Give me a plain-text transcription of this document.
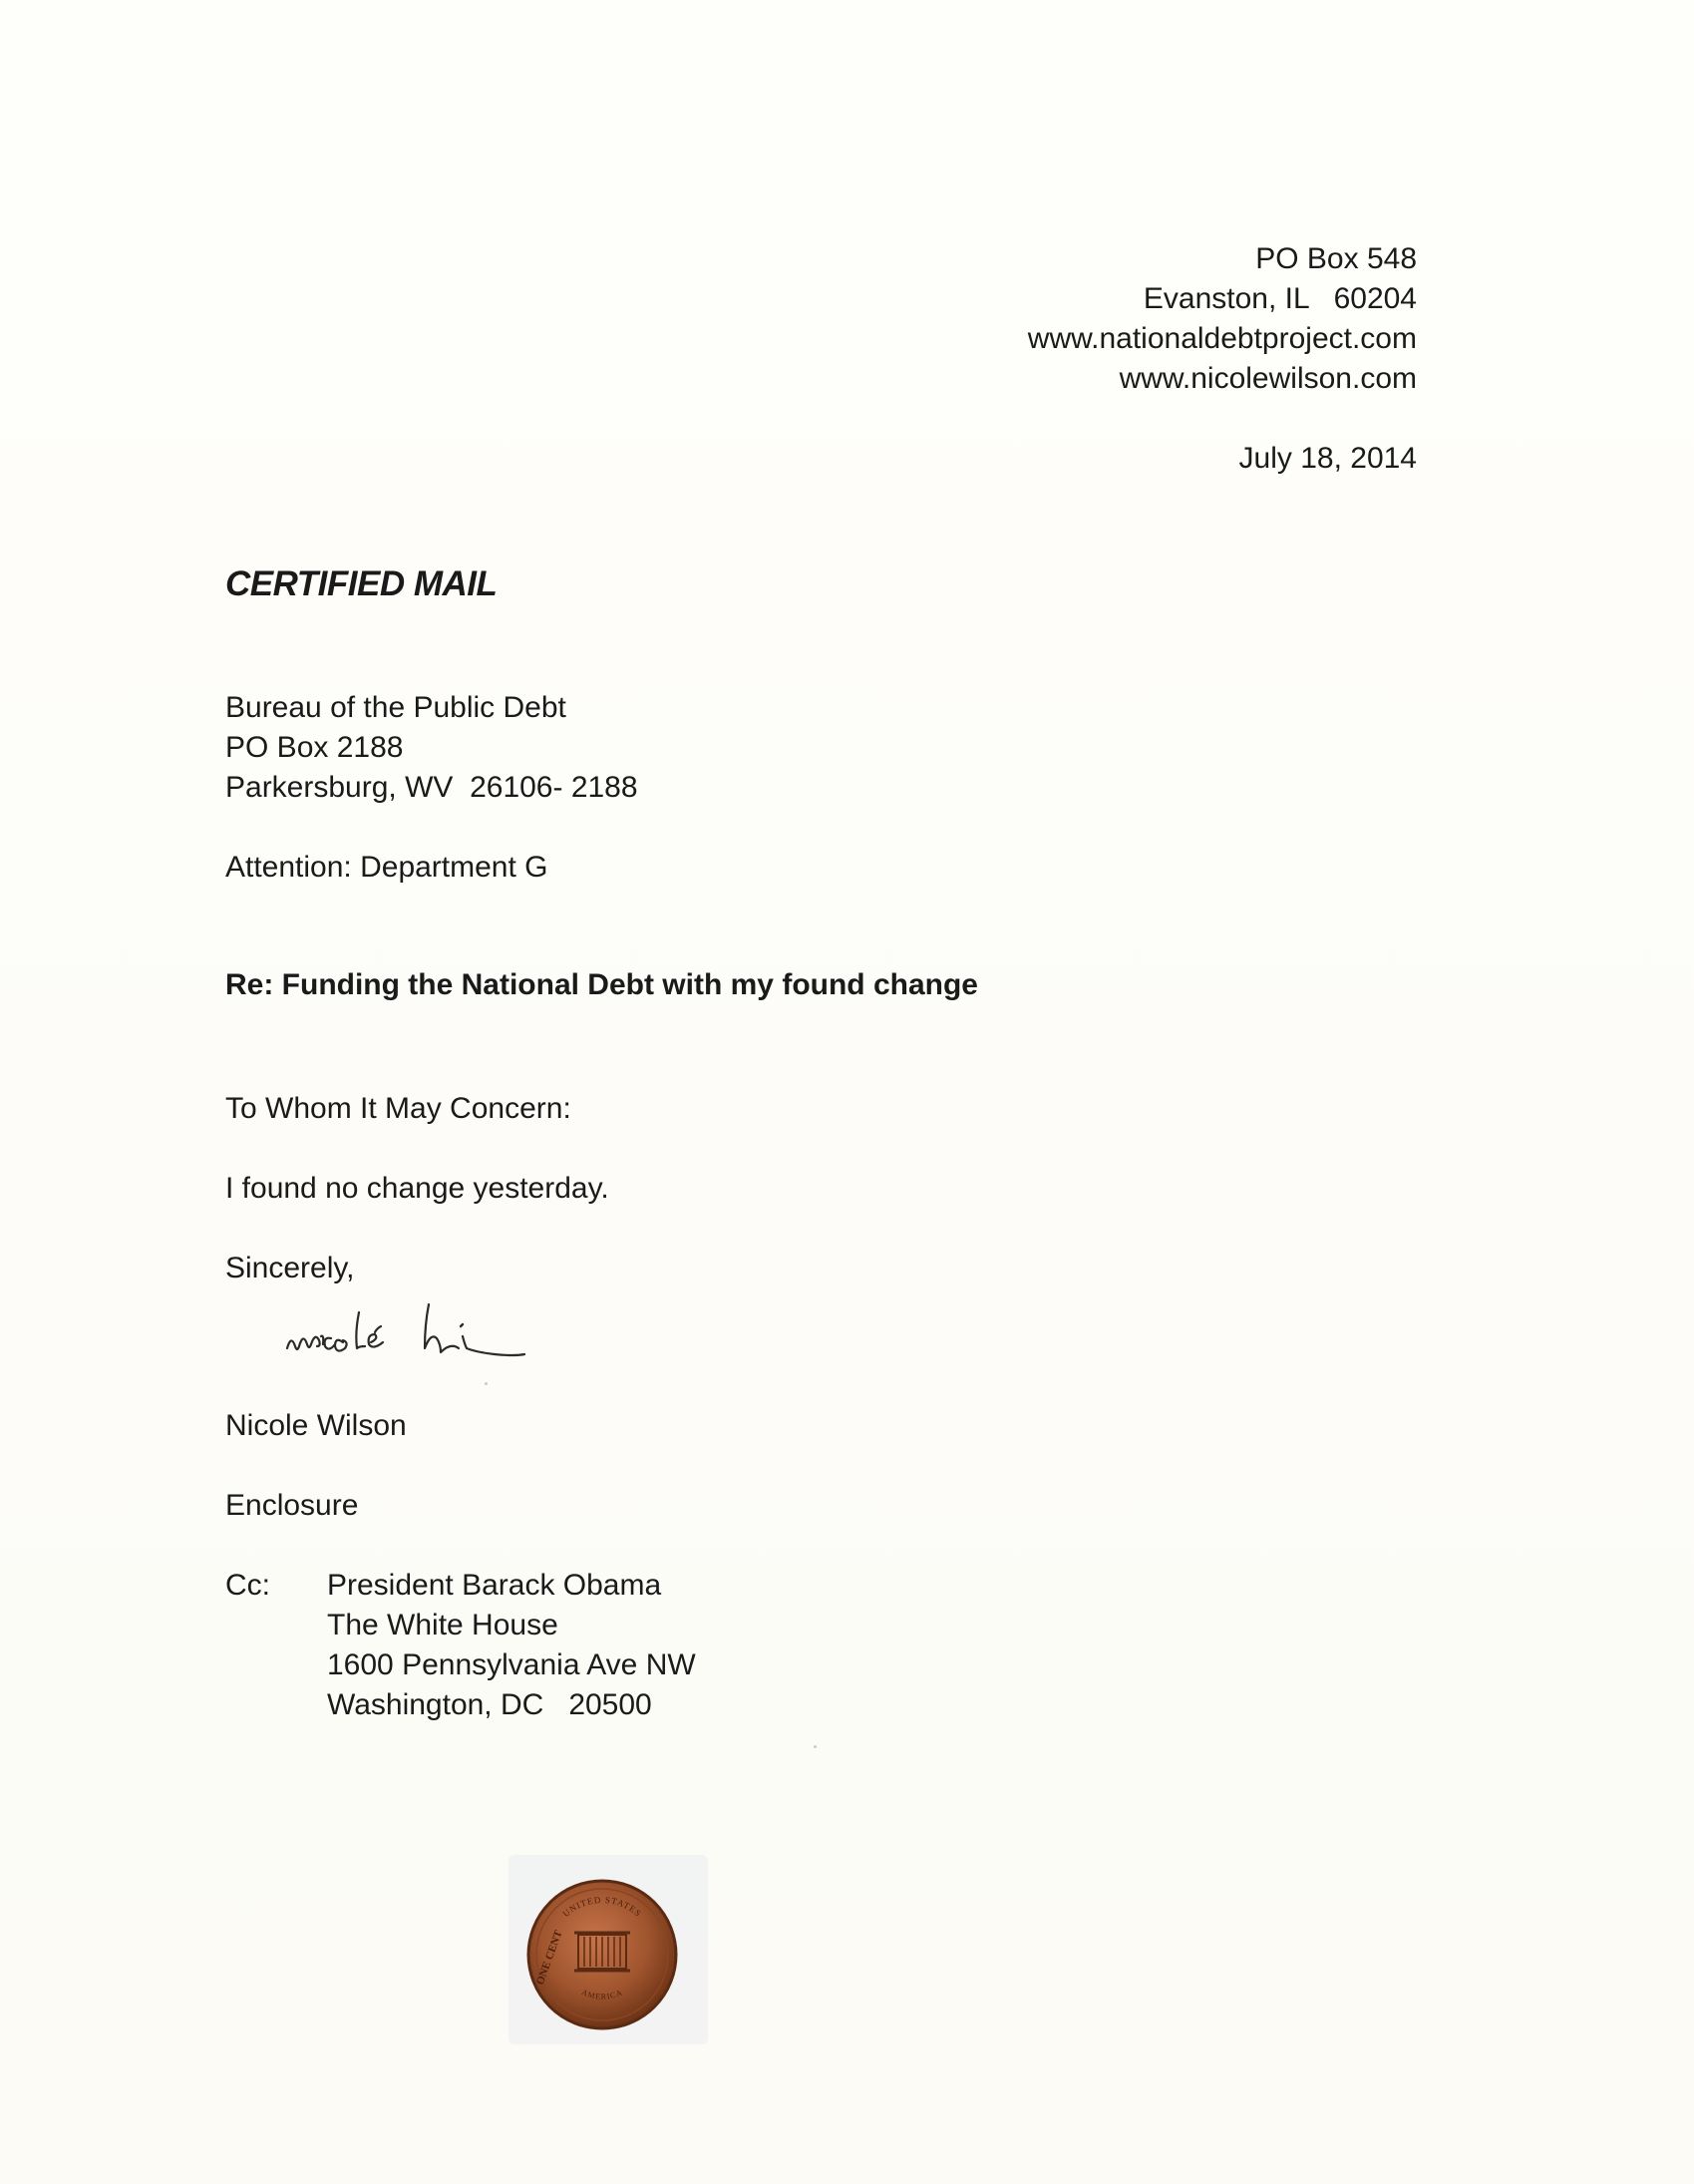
PO Box 548
Evanston, IL   60204
www.nationaldebtproject.com
www.nicolewilson.com
July 18, 2014
CERTIFIED MAIL
Bureau of the Public Debt
PO Box 2188
Parkersburg, WV  26106- 2188
Attention: Department G
Re: Funding the National Debt with my found change
To Whom It May Concern:
I found no change yesterday.
Sincerely,
Nicole Wilson
Enclosure
Cc: President Barack Obama
The White House
1600 Pennsylvania Ave NW
Washington, DC   20500
UNITED STATES
AMERICA
ONE CENT
